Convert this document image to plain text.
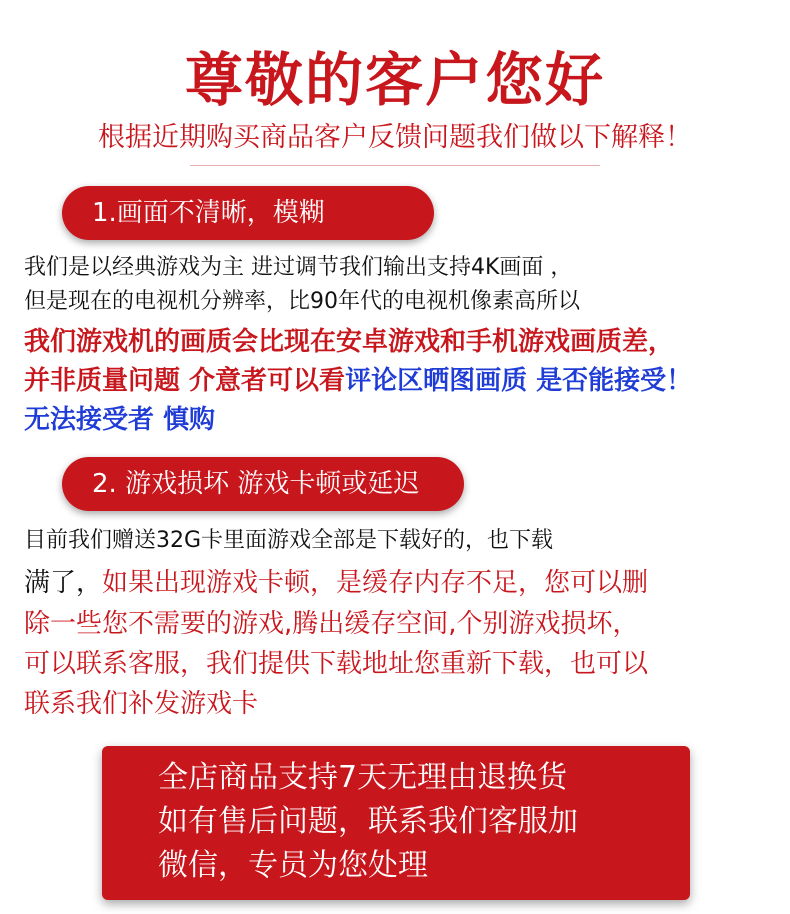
尊敬的客户您好
根据近期购买商品客户反馈问题我们做以下解释！
1.画面不清晰，模糊
我们是以经典游戏为主 进过调节我们输出支持4K画面 ，
但是现在的电视机分辨率，比90年代的电视机像素高所以
我们游戏机的画质会比现在安卓游戏和手机游戏画质差，
并非质量问题 介意者可以看评论区晒图画质 是否能接受！
无法接受者 慎购
2. 游戏损坏 游戏卡顿或延迟
目前我们赠送32G卡里面游戏全部是下载好的，也下载
满了，如果出现游戏卡顿，是缓存内存不足，您可以删
除一些您不需要的游戏,腾出缓存空间,个别游戏损坏，
可以联系客服，我们提供下载地址您重新下载，也可以
联系我们补发游戏卡
全店商品支持7天无理由退换货
如有售后问题，联系我们客服加
微信，专员为您处理
